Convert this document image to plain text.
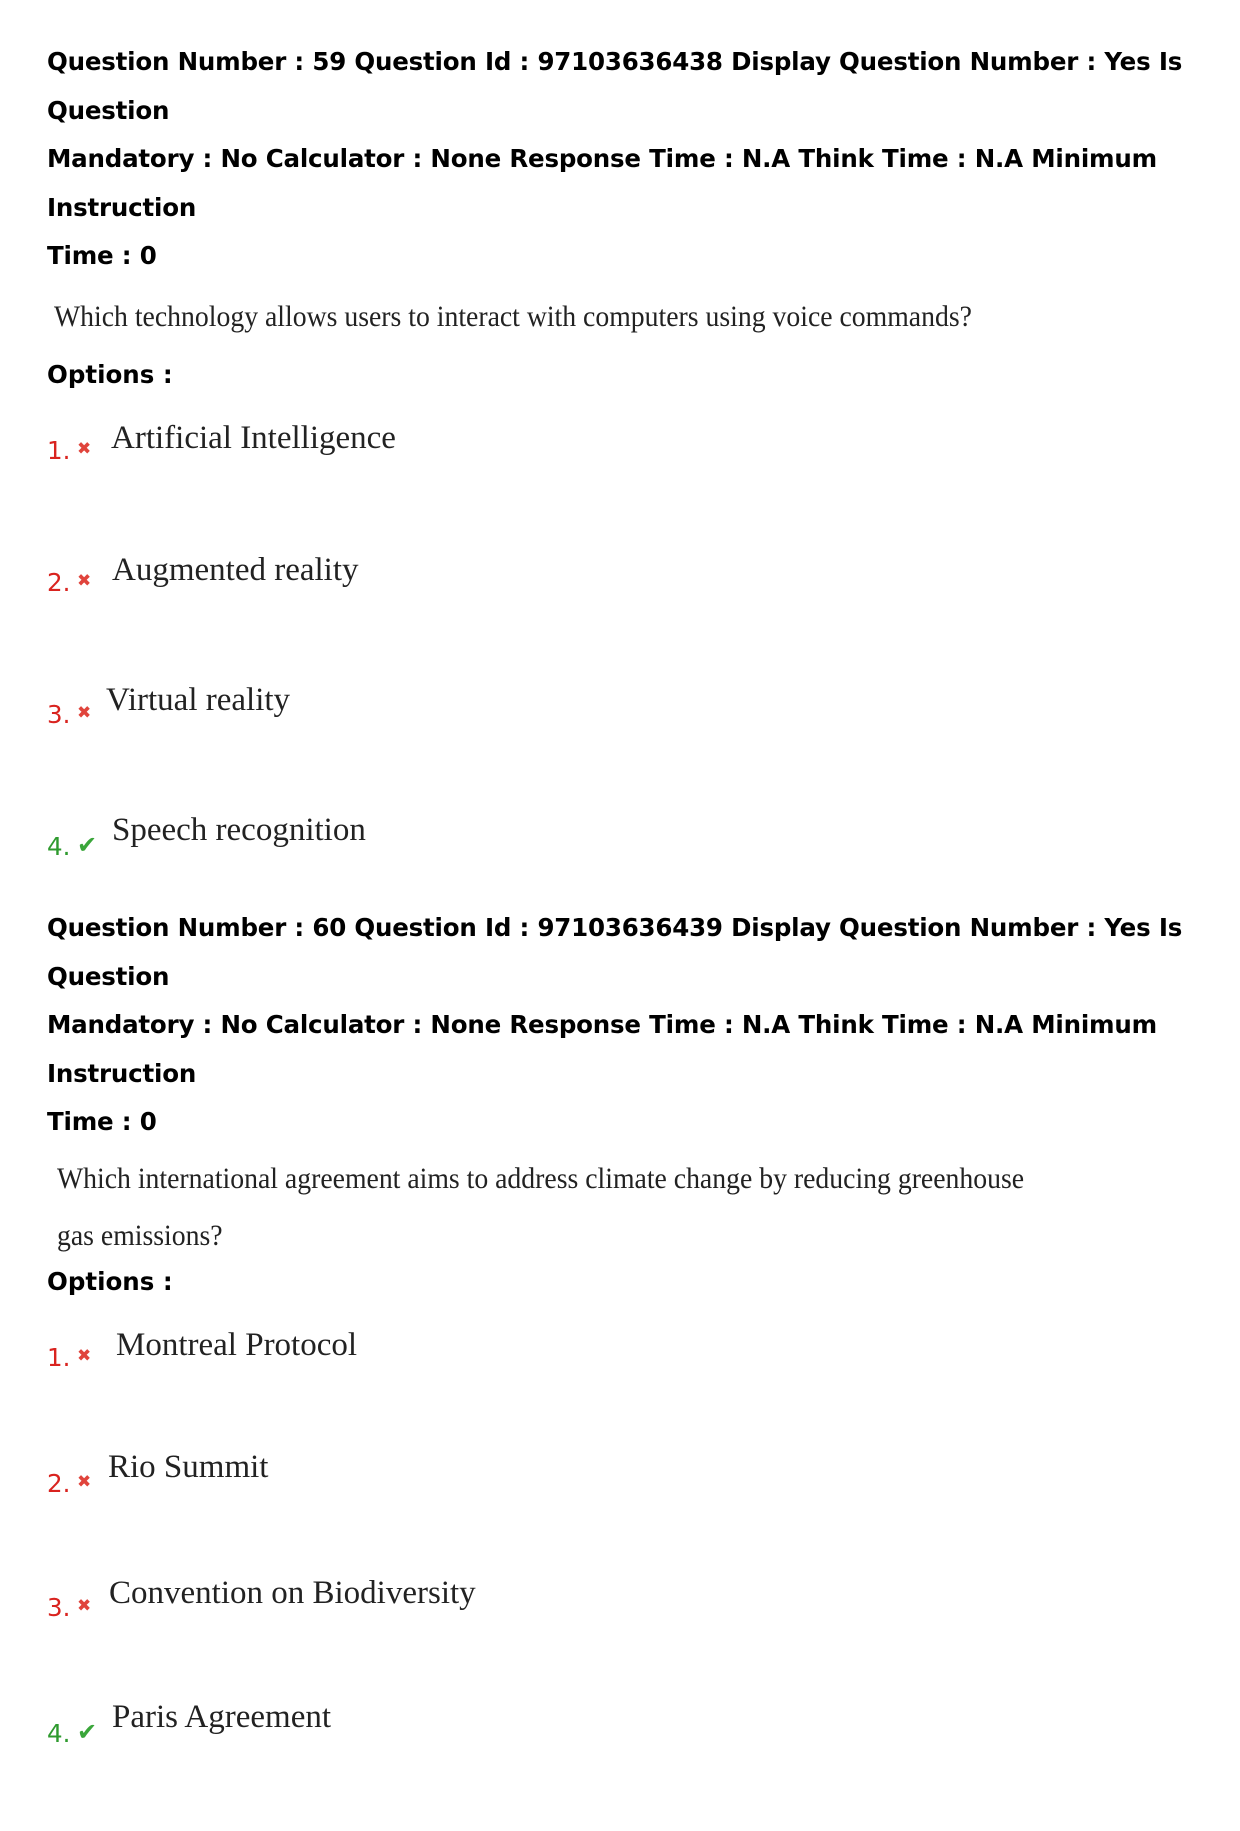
Question Number : 59 Question Id : 97103636438 Display Question Number : Yes Is Question

Mandatory : No Calculator : None Response Time : N.A Think Time : N.A Minimum Instruction

Time : 0

Which technology allows users to interact with computers using voice commands?

Options :

1. ✖ Artificial Intelligence
2. ✖ Augmented reality
3. ✖ Virtual reality
4. ✔ Speech recognition

Question Number : 60 Question Id : 97103636439 Display Question Number : Yes Is Question

Mandatory : No Calculator : None Response Time : N.A Think Time : N.A Minimum Instruction

Time : 0

Which international agreement aims to address climate change by reducing greenhouse

gas emissions?

Options :

1. ✖ Montreal Protocol
2. ✖ Rio Summit
3. ✖ Convention on Biodiversity
4. ✔ Paris Agreement
